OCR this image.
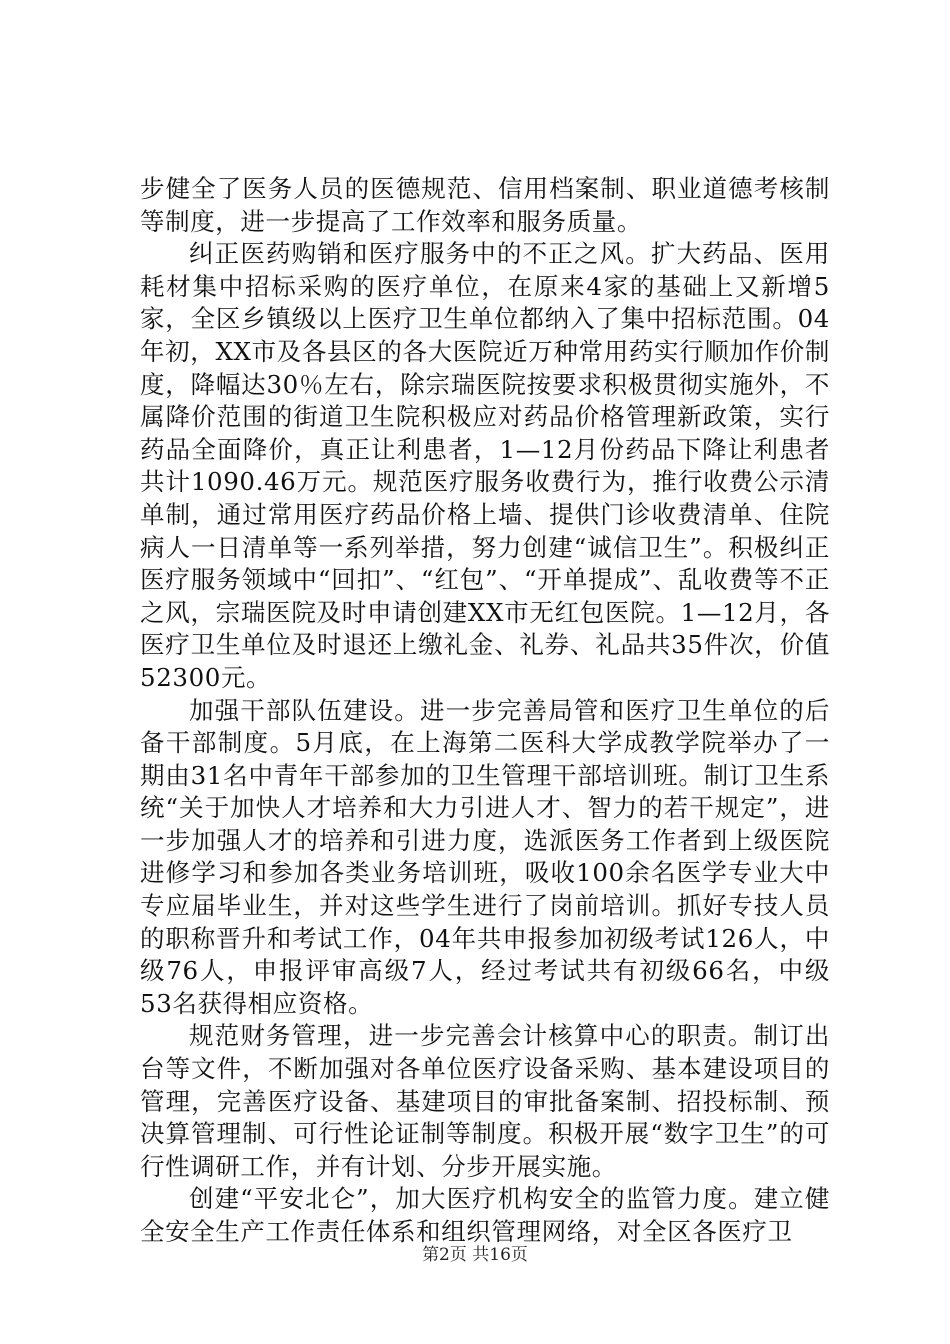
步健全了医务人员的医德规范、信用档案制、职业道德考核制等制度，进一步提高了工作效率和服务质量。

纠正医药购销和医疗服务中的不正之风。扩大药品、医用耗材集中招标采购的医疗单位，在原来4家的基础上又新增5家，全区乡镇级以上医疗卫生单位都纳入了集中招标范围。04年初，XX市及各县区的各大医院近万种常用药实行顺加作价制度，降幅达30％左右，除宗瑞医院按要求积极贯彻实施外，不属降价范围的街道卫生院积极应对药品价格管理新政策，实行药品全面降价，真正让利患者，1—12月份药品下降让利患者共计1090.46万元。规范医疗服务收费行为，推行收费公示清单制，通过常用医疗药品价格上墙、提供门诊收费清单、住院病人一日清单等一系列举措，努力创建“诚信卫生”。积极纠正医疗服务领域中“回扣”、“红包”、“开单提成”、乱收费等不正之风，宗瑞医院及时申请创建XX市无红包医院。1—12月，各医疗卫生单位及时退还上缴礼金、礼券、礼品共35件次，价值52300元。

加强干部队伍建设。进一步完善局管和医疗卫生单位的后备干部制度。5月底，在上海第二医科大学成教学院举办了一期由31名中青年干部参加的卫生管理干部培训班。制订卫生系统“关于加快人才培养和大力引进人才、智力的若干规定”，进一步加强人才的培养和引进力度，选派医务工作者到上级医院进修学习和参加各类业务培训班，吸收100余名医学专业大中专应届毕业生，并对这些学生进行了岗前培训。抓好专技人员的职称晋升和考试工作，04年共申报参加初级考试126人，中级76人，申报评审高级7人，经过考试共有初级66名，中级53名获得相应资格。

规范财务管理，进一步完善会计核算中心的职责。制订出台等文件，不断加强对各单位医疗设备采购、基本建设项目的管理，完善医疗设备、基建项目的审批备案制、招投标制、预决算管理制、可行性论证制等制度。积极开展“数字卫生”的可行性调研工作，并有计划、分步开展实施。

创建“平安北仑”，加大医疗机构安全的监管力度。建立健全安全生产工作责任体系和组织管理网络，对全区各医疗卫

第2页 共16页
